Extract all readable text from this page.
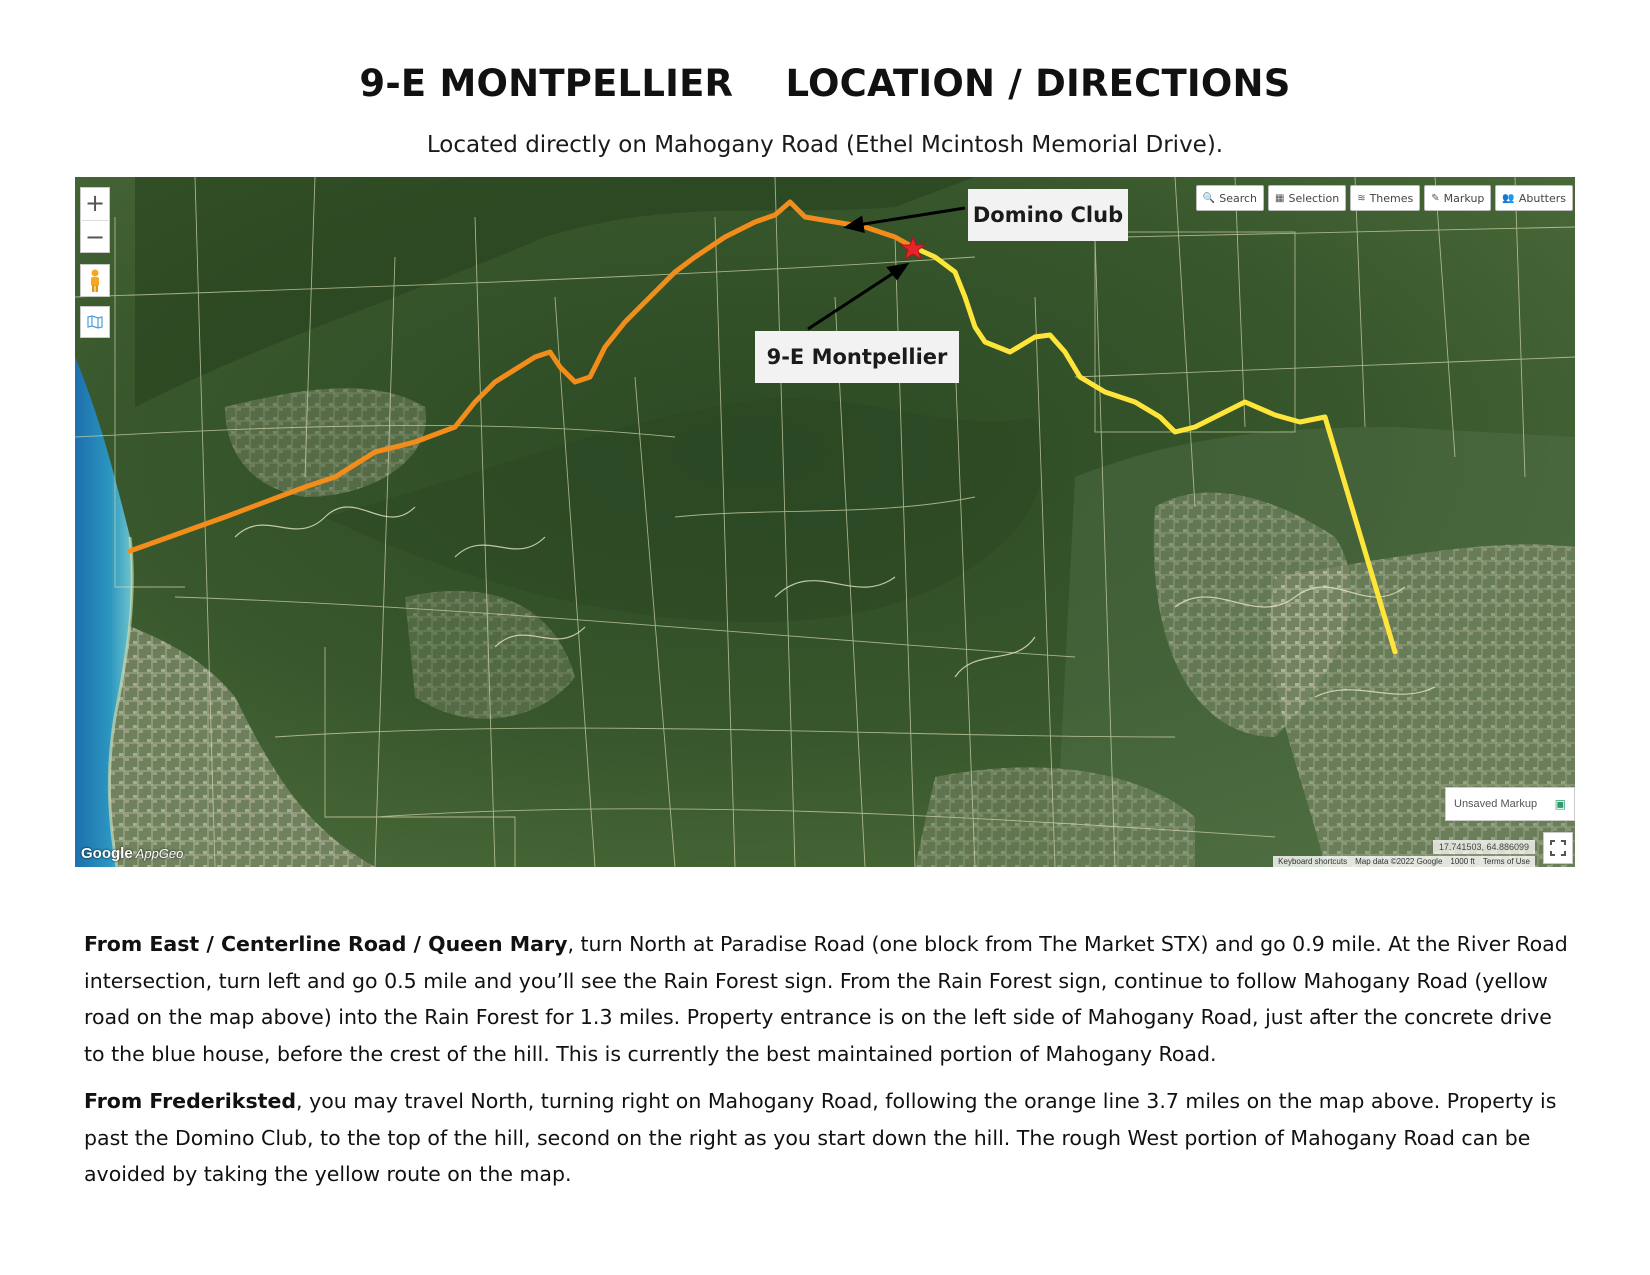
9-E MONTPELLIER    LOCATION / DIRECTIONS
Located directly on Mahogany Road (Ethel Mcintosh Memorial Drive).
+
−
🔍 Search ▦ Selection ≋ Themes ✎ Markup 👥 Abutters
Domino Club
9-E Montpellier
Unsaved Markup ▣
17.741503, 64.886099
Google AppGeo
Keyboard shortcuts Map data ©2022 Google 1000 ft Terms of Use
From East / Centerline Road / Queen Mary, turn North at Paradise Road (one block from The Market STX) and go 0.9 mile. At the River Road intersection, turn left and go 0.5 mile and you’ll see the Rain Forest sign. From the Rain Forest sign, continue to follow Mahogany Road (yellow road on the map above) into the Rain Forest for 1.3 miles. Property entrance is on the left side of Mahogany Road, just after the concrete drive to the blue house, before the crest of the hill. This is currently the best maintained portion of Mahogany Road.
From Frederiksted, you may travel North, turning right on Mahogany Road, following the orange line 3.7 miles on the map above. Property is past the Domino Club, to the top of the hill, second on the right as you start down the hill. The rough West portion of Mahogany Road can be avoided by taking the yellow route on the map.
